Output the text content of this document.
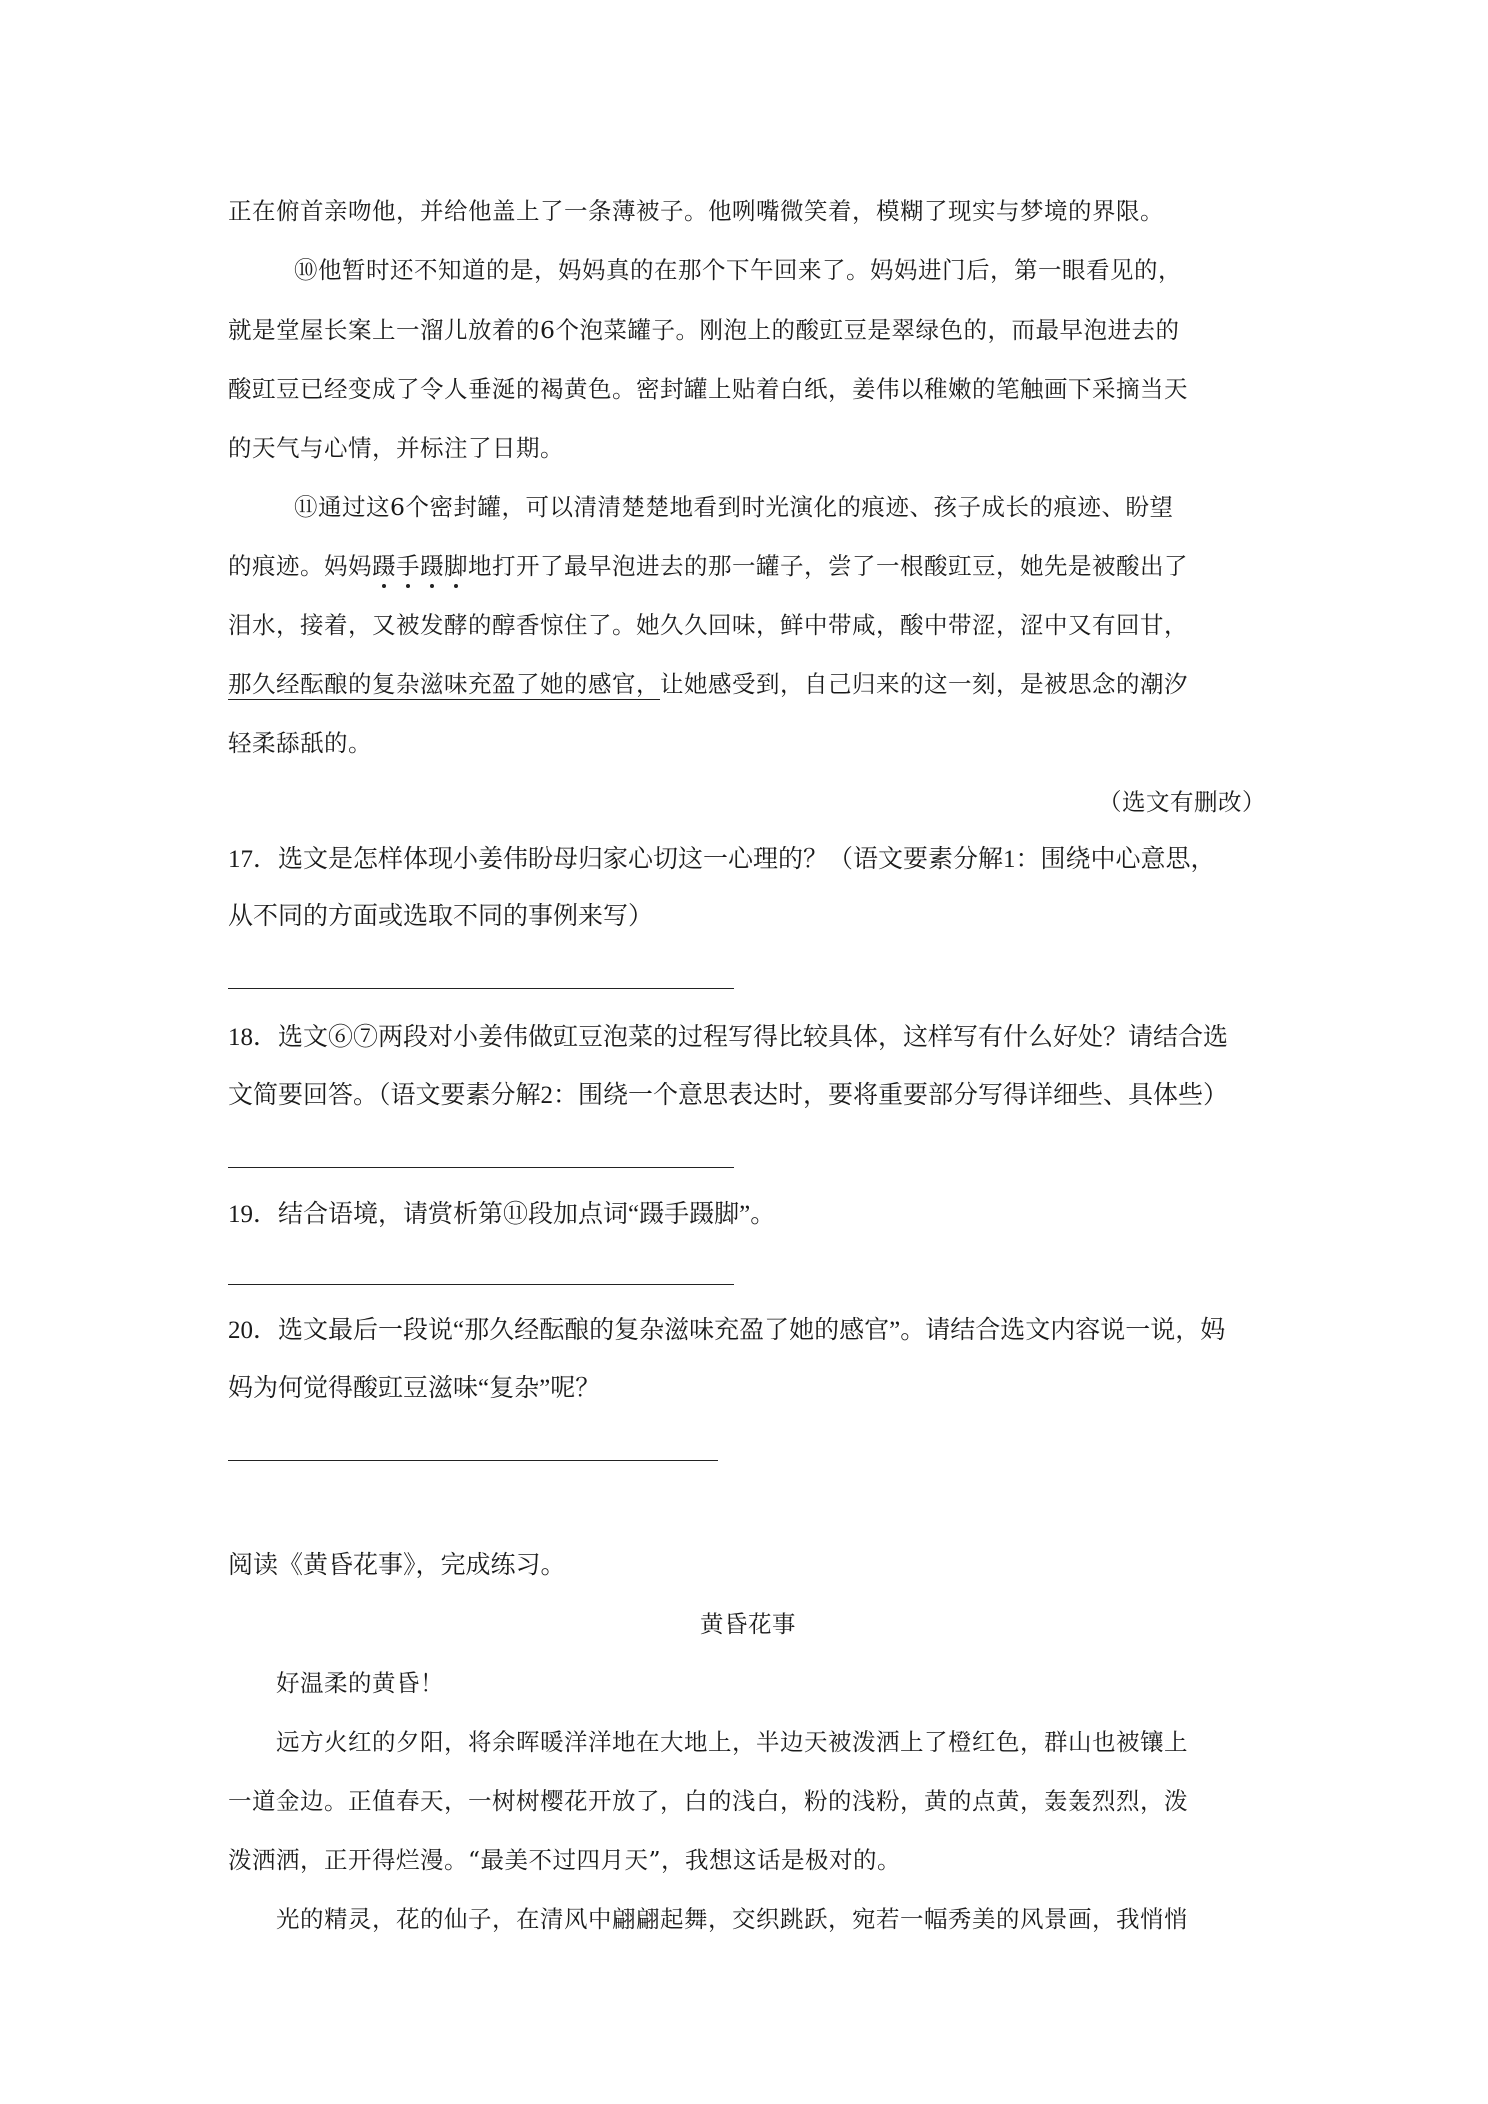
正在俯首亲吻他，并给他盖上了一条薄被子。他咧嘴微笑着，模糊了现实与梦境的界限。
⑩他暂时还不知道的是，妈妈真的在那个下午回来了。妈妈进门后，第一眼看见的，
就是堂屋长案上一溜儿放着的6个泡菜罐子。刚泡上的酸豇豆是翠绿色的，而最早泡进去的
酸豇豆已经变成了令人垂涎的褐黄色。密封罐上贴着白纸，姜伟以稚嫩的笔触画下采摘当天
的天气与心情，并标注了日期。
⑪通过这6个密封罐，可以清清楚楚地看到时光演化的痕迹、孩子成长的痕迹、盼望
的痕迹。妈妈蹑手蹑脚地打开了最早泡进去的那一罐子，尝了一根酸豇豆，她先是被酸出了
泪水，接着，又被发酵的醇香惊住了。她久久回味，鲜中带咸，酸中带涩，涩中又有回甘，
那久经酝酿的复杂滋味充盈了她的感官，让她感受到，自己归来的这一刻，是被思念的潮汐
轻柔舔舐的。
（选文有删改）
17．选文是怎样体现小姜伟盼母归家心切这一心理的？（语文要素分解1：围绕中心意思，
从不同的方面或选取不同的事例来写）
18．选文⑥⑦两段对小姜伟做豇豆泡菜的过程写得比较具体，这样写有什么好处？请结合选
文简要回答。（语文要素分解2：围绕一个意思表达时，要将重要部分写得详细些、具体些）
19．结合语境，请赏析第⑪段加点词“蹑手蹑脚”。
20．选文最后一段说“那久经酝酿的复杂滋味充盈了她的感官”。请结合选文内容说一说，妈
妈为何觉得酸豇豆滋味“复杂”呢？
阅读《黄昏花事》，完成练习。
黄昏花事
好温柔的黄昏！
远方火红的夕阳，将余晖暖洋洋地在大地上，半边天被泼洒上了橙红色，群山也被镶上
一道金边。正值春天，一树树樱花开放了，白的浅白，粉的浅粉，黄的点黄，轰轰烈烈，泼
泼洒洒，正开得烂漫。“最美不过四月天”，我想这话是极对的。
光的精灵，花的仙子，在清风中翩翩起舞，交织跳跃，宛若一幅秀美的风景画，我悄悄
